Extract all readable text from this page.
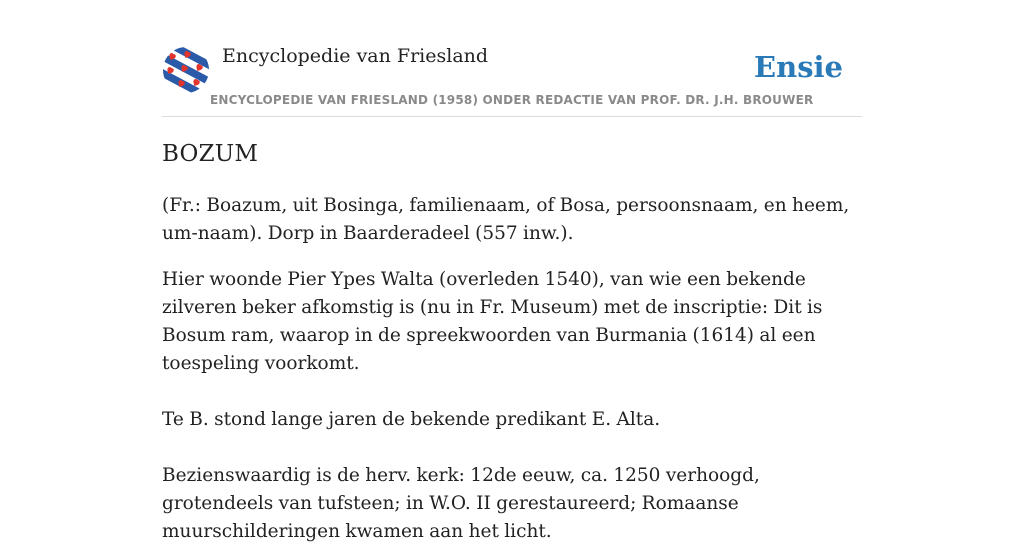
Encyclopedie van Friesland
ENCYCLOPEDIE VAN FRIESLAND (1958) ONDER REDACTIE VAN PROF. DR. J.H. BROUWER
Ensie
BOZUM

(Fr.: Boazum, uit Bosinga, familienaam, of Bosa, persoonsnaam, en heem, um-naam). Dorp in Baarderadeel (557 inw.).

Hier woonde Pier Ypes Walta (overleden 1540), van wie een bekende zilveren beker afkomstig is (nu in Fr. Museum) met de inscriptie: Dit is Bosum ram, waarop in de spreekwoorden van Burmania (1614) al een toespeling voorkomt.

Te B. stond lange jaren de bekende predikant E. Alta.

Bezienswaardig is de herv. kerk: 12de eeuw, ca. 1250 verhoogd, grotendeels van tufsteen; in W.O. II gerestaureerd; Romaanse muurschilderingen kwamen aan het licht.
